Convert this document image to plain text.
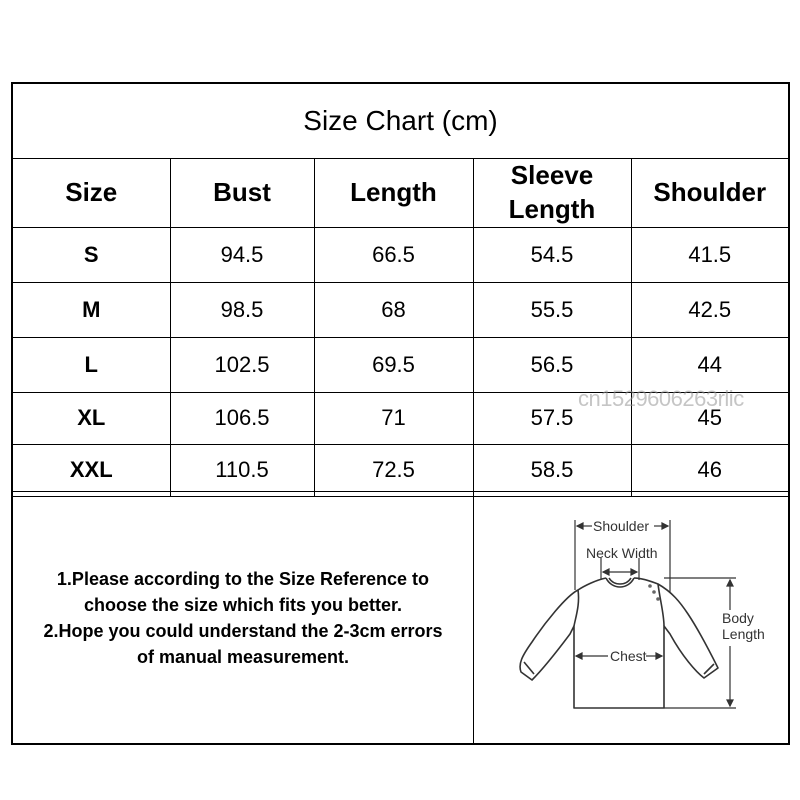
Size Chart (cm)
Size	Bust	Length	Sleeve Length	Shoulder
S	94.5	66.5	54.5	41.5
M	98.5	68	55.5	42.5
L	102.5	69.5	56.5	44
XL	106.5	71	57.5	45
XXL	110.5	72.5	58.5	46
1.Please according to the Size Reference to
choose the size which fits you better.
2.Hope you could understand the 2-3cm errors
of manual measurement.
Shoulder
Neck Width
Chest
Body
Length
cn1529606263rlic
